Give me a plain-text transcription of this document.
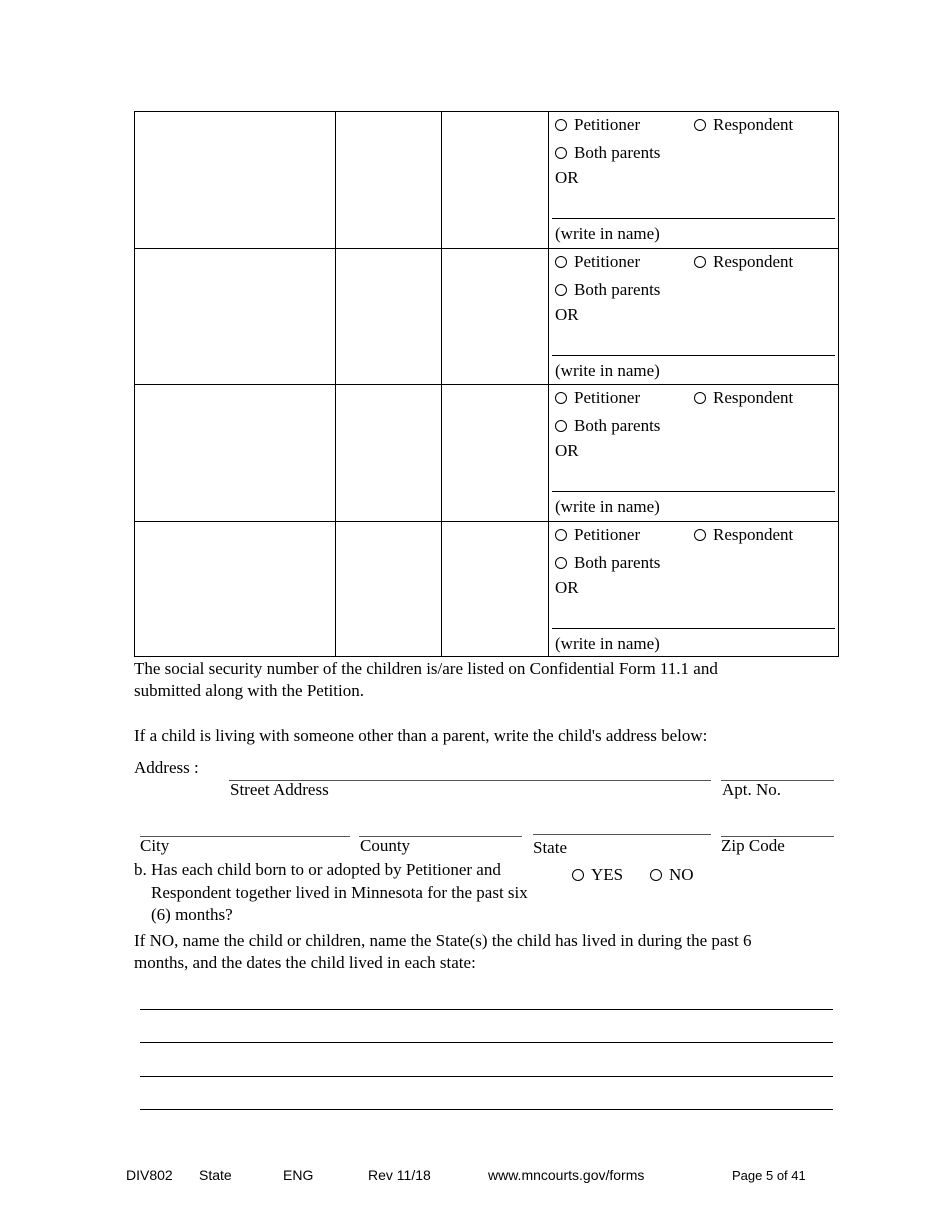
Petitioner	Respondent
Both parents
OR
(write in name)
Petitioner	Respondent
Both parents
OR
(write in name)
Petitioner	Respondent
Both parents
OR
(write in name)
Petitioner	Respondent
Both parents
OR
(write in name)
The social security number of the children is/are listed on Confidential Form 11.1 and
submitted along with the Petition.
If a child is living with someone other than a parent, write the child's address below:
Address :
Street Address	Apt. No.
City	County	State	Zip Code
b. Has each child born to or adopted by Petitioner and
Respondent together lived in Minnesota for the past six
(6) months?
YES	NO
If NO, name the child or children, name the State(s) the child has lived in during the past 6
months, and the dates the child lived in each state:
DIV802 State	ENG	Rev 11/18	www.mncourts.gov/forms	Page 5 of 41
